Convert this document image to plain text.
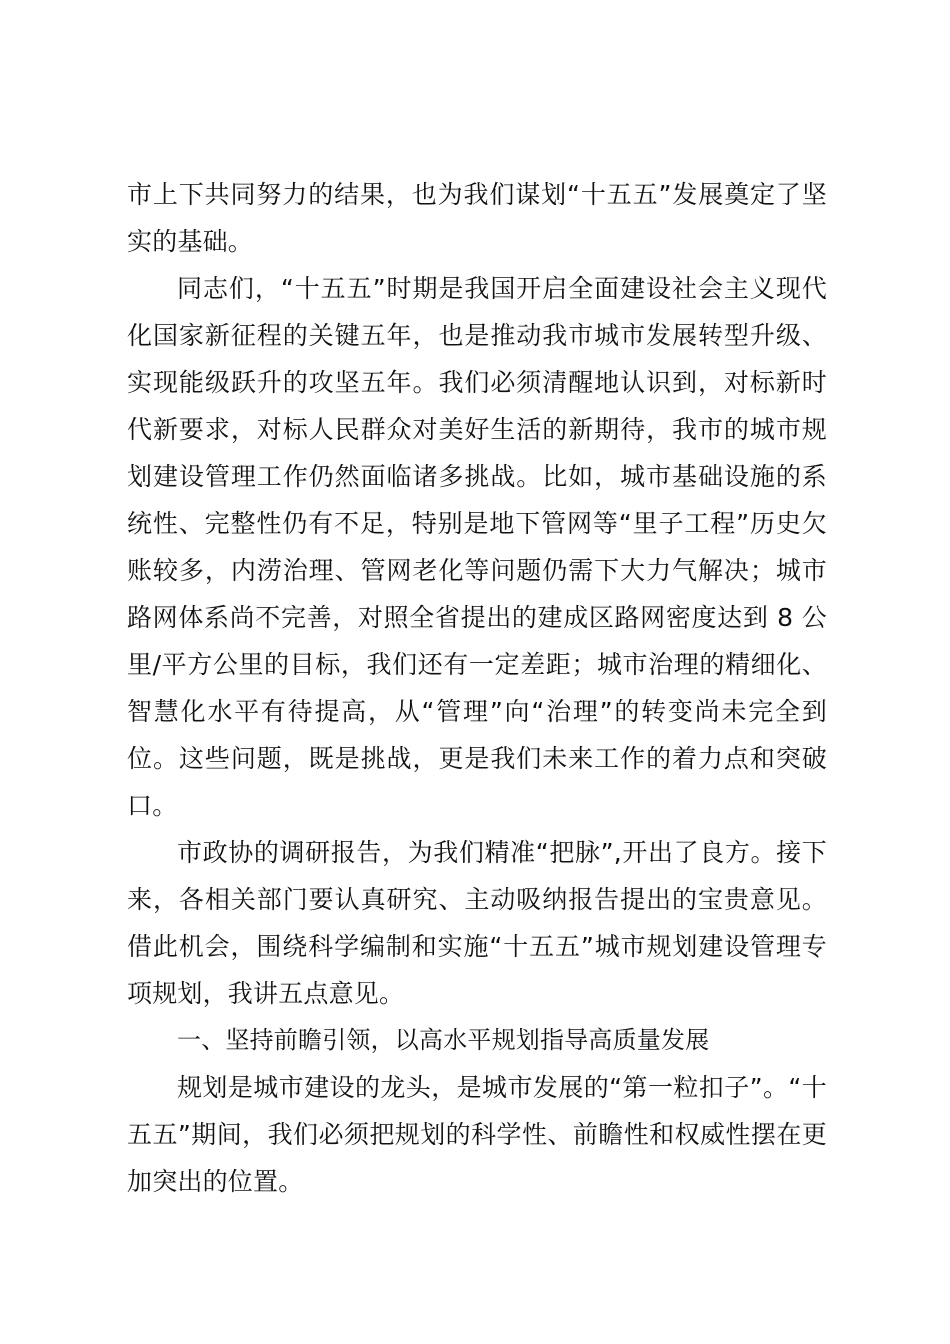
市上下共同努力的结果，也为我们谋划“十五五”发展奠定了坚实的基础。

同志们，“十五五”时期是我国开启全面建设社会主义现代化国家新征程的关键五年，也是推动我市城市发展转型升级、实现能级跃升的攻坚五年。我们必须清醒地认识到，对标新时代新要求，对标人民群众对美好生活的新期待，我市的城市规划建设管理工作仍然面临诸多挑战。比如，城市基础设施的系统性、完整性仍有不足，特别是地下管网等“里子工程”历史欠账较多，内涝治理、管网老化等问题仍需下大力气解决；城市路网体系尚不完善，对照全省提出的建成区路网密度达到 8 公里/平方公里的目标，我们还有一定差距；城市治理的精细化、智慧化水平有待提高，从“管理”向“治理”的转变尚未完全到位。这些问题，既是挑战，更是我们未来工作的着力点和突破口。

市政协的调研报告，为我们精准“把脉”,开出了良方。接下来，各相关部门要认真研究、主动吸纳报告提出的宝贵意见。借此机会，围绕科学编制和实施“十五五”城市规划建设管理专项规划，我讲五点意见。

一、坚持前瞻引领，以高水平规划指导高质量发展

规划是城市建设的龙头，是城市发展的“第一粒扣子”。“十五五”期间，我们必须把规划的科学性、前瞻性和权威性摆在更加突出的位置。
